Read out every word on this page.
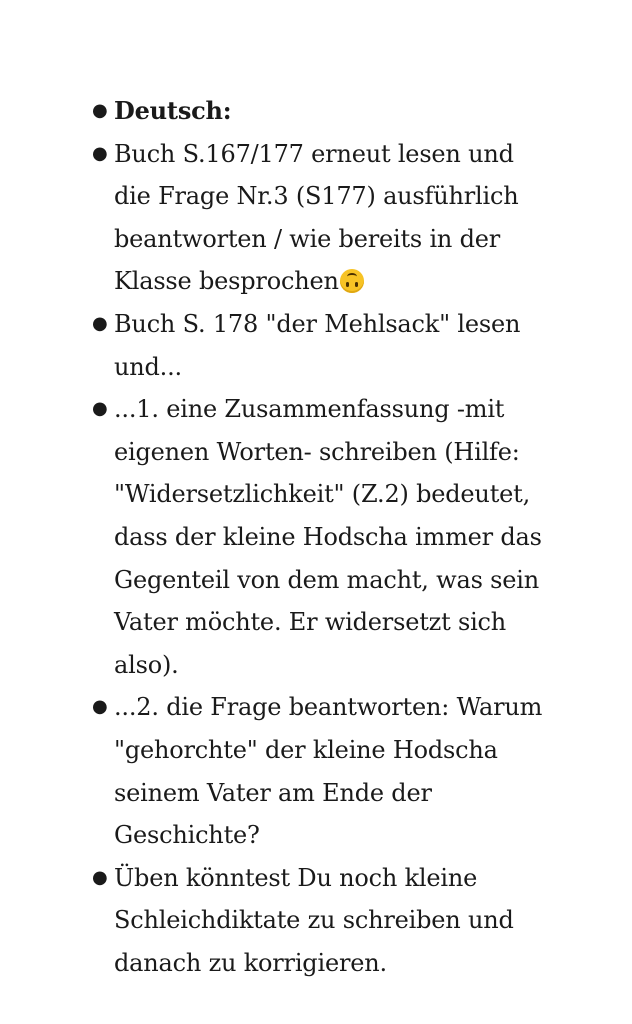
● Deutsch:
● Buch S.167/177 erneut lesen und die Frage Nr.3 (S177) ausführlich beantworten / wie bereits in der Klasse besprochen
● Buch S. 178 "der Mehlsack" lesen und...
● ...1. eine Zusammenfassung -mit eigenen Worten- schreiben (Hilfe: "Widersetzlichkeit" (Z.2) bedeutet, dass der kleine Hodscha immer das Gegenteil von dem macht, was sein Vater möchte. Er widersetzt sich also).
● ...2. die Frage beantworten: Warum "gehorchte" der kleine Hodscha seinem Vater am Ende der Geschichte?
● Üben könntest Du noch kleine Schleichdiktate zu schreiben und danach zu korrigieren.
